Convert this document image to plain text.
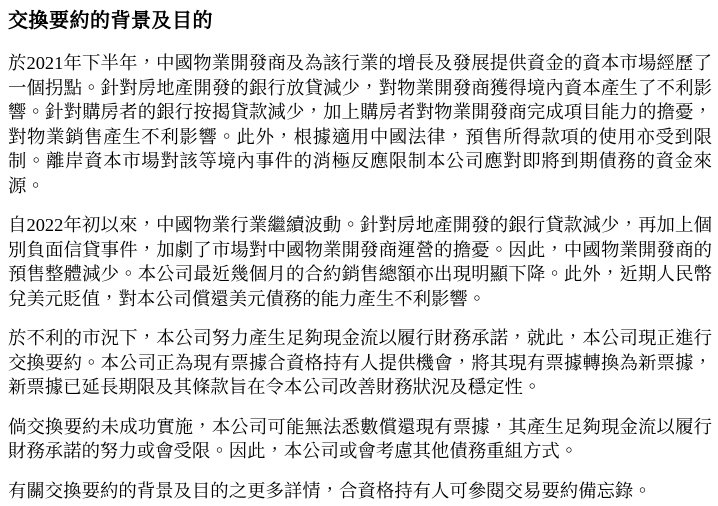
交換要約的背景及目的

於2021年下半年，中國物業開發商及為該行業的增長及發展提供資金的資本市場經歷了一個拐點。針對房地產開發的銀行放貸減少，對物業開發商獲得境內資本產生了不利影響。針對購房者的銀行按揭貸款減少，加上購房者對物業開發商完成項目能力的擔憂，對物業銷售產生不利影響。此外，根據適用中國法律，預售所得款項的使用亦受到限制。離岸資本市場對該等境內事件的消極反應限制本公司應對即將到期債務的資金來源。

自2022年初以來，中國物業行業繼續波動。針對房地產開發的銀行貸款減少，再加上個別負面信貸事件，加劇了市場對中國物業開發商運營的擔憂。因此，中國物業開發商的預售整體減少。本公司最近幾個月的合約銷售總額亦出現明顯下降。此外，近期人民幣兌美元貶值，對本公司償還美元債務的能力產生不利影響。

於不利的市況下，本公司努力產生足夠現金流以履行財務承諾，就此，本公司現正進行交換要約。本公司正為現有票據合資格持有人提供機會，將其現有票據轉換為新票據，新票據已延長期限及其條款旨在令本公司改善財務狀況及穩定性。

倘交換要約未成功實施，本公司可能無法悉數償還現有票據，其產生足夠現金流以履行財務承諾的努力或會受限。因此，本公司或會考慮其他債務重組方式。

有關交換要約的背景及目的之更多詳情，合資格持有人可參閱交易要約備忘錄。
